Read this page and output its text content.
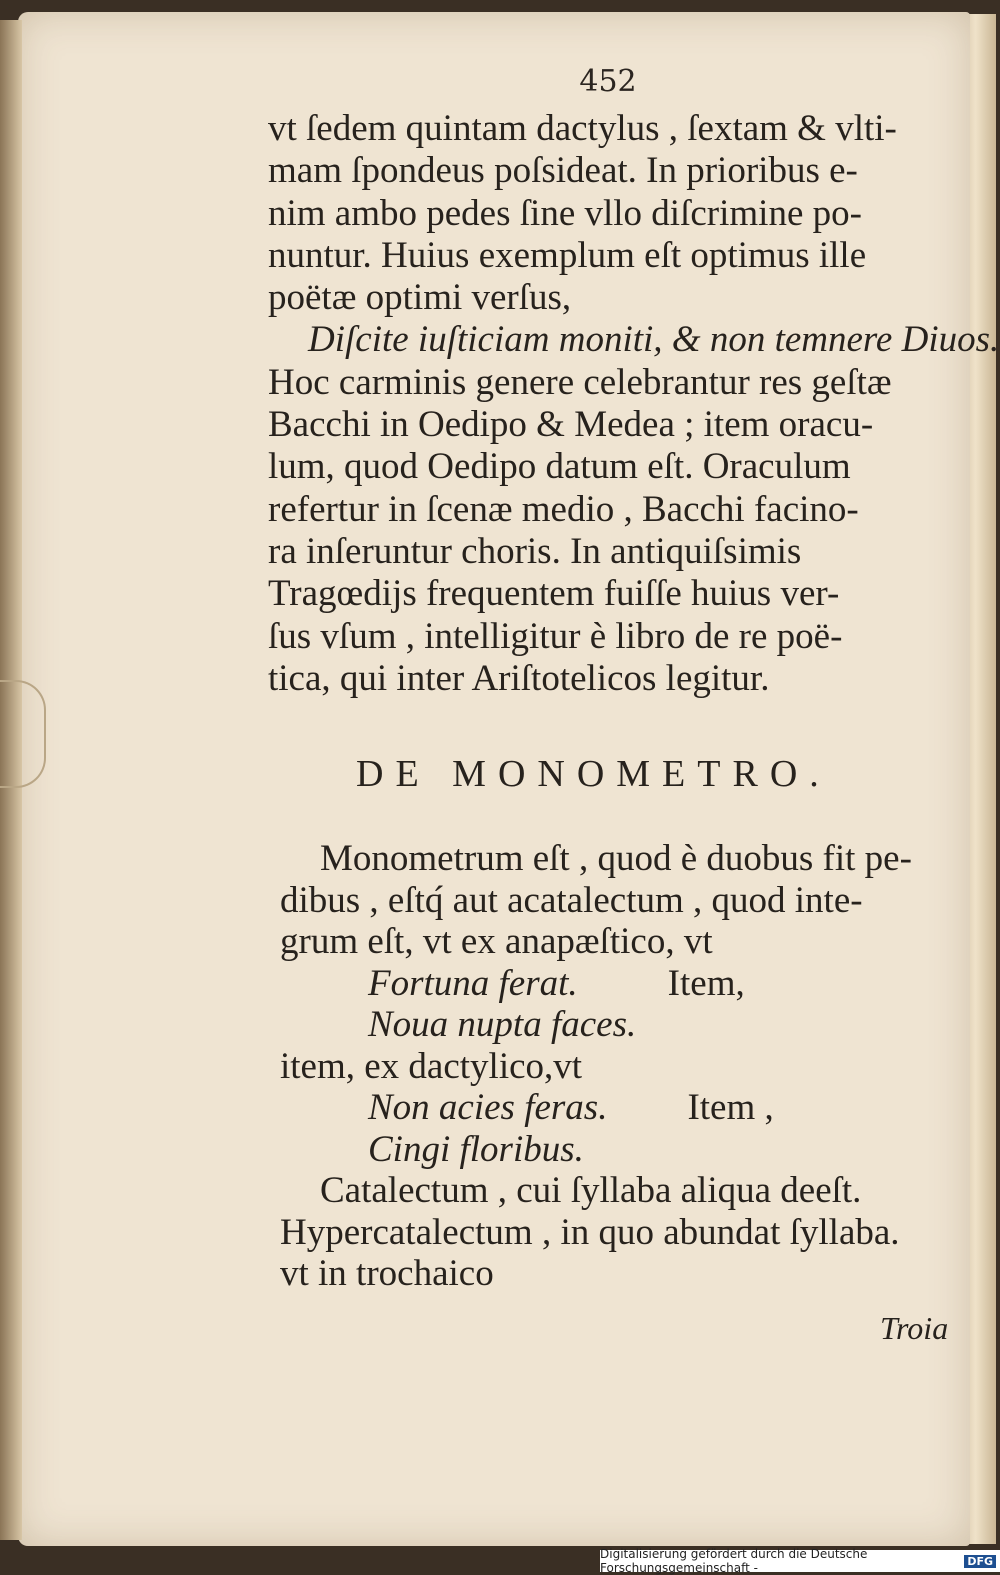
452
vt ſedem quintam dactylus , ſextam & vlti-
mam ſpondeus poſsideat. In prioribus e-
nim ambo pedes ſine vllo diſcrimine po-
nuntur. Huius exemplum eſt optimus ille
poëtæ optimi verſus,
Diſcite iuſticiam moniti, & non temnere Diuos.
Hoc carminis genere celebrantur res geſtæ
Bacchi in Oedipo & Medea ; item oracu-
lum, quod Oedipo datum eſt. Oraculum
refertur in ſcenæ medio , Bacchi facino-
ra inſeruntur choris. In antiquiſsimis
Tragœdijs frequentem fuiſſe huius ver-
ſus vſum , intelligitur è libro de re poë-
tica, qui inter Ariſtotelicos legitur.
DE MONOMETRO.
Monometrum eſt , quod è duobus fit pe-
dibus , eſtq́ aut acatalectum , quod inte-
grum eſt, vt ex anapæſtico, vt
Fortuna ferat. Item,
Noua nupta faces.
item, ex dactylico,vt
Non acies feras. Item ,
Cingi floribus.
Catalectum , cui ſyllaba aliqua deeſt.
Hypercatalectum , in quo abundat ſyllaba.
vt in trochaico
Troia
Digitalisierung gefördert durch die Deutsche Forschungsgemeinschaft -	DFG
